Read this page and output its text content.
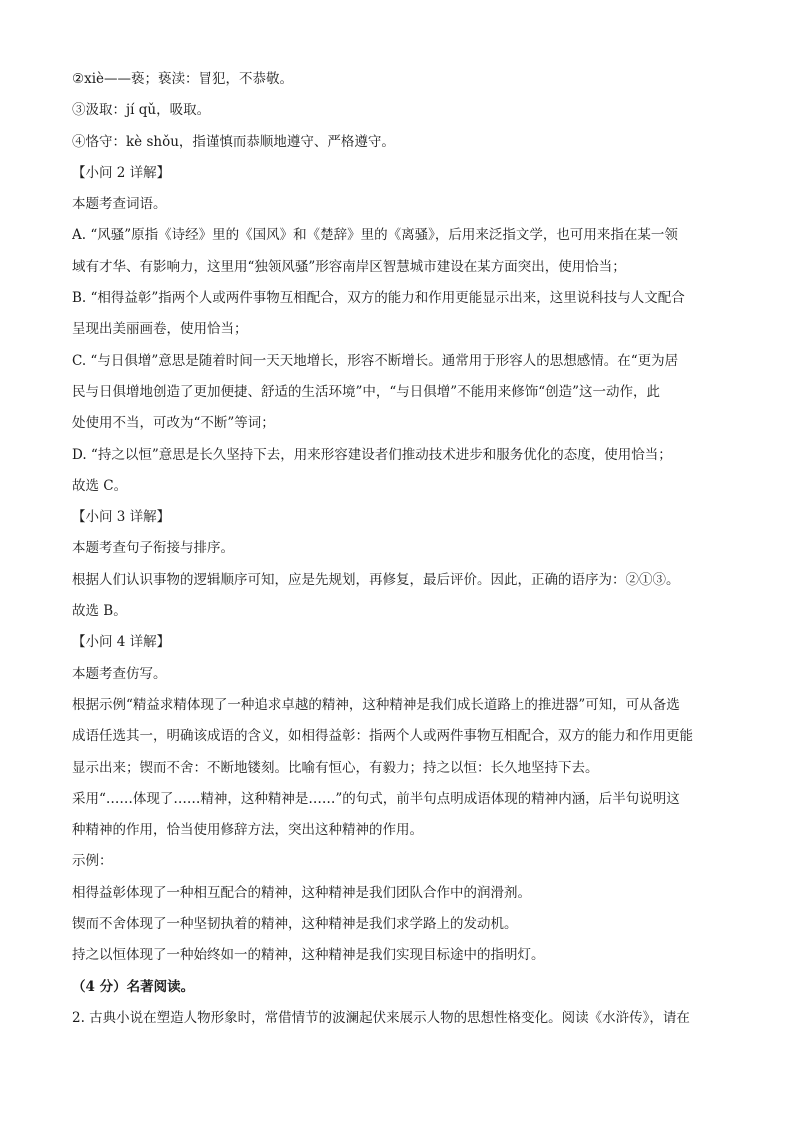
②xiè——亵；亵渎：冒犯，不恭敬。
③汲取：jí qǔ，吸取。
④恪守：kè shǒu，指谨慎而恭顺地遵守、严格遵守。
【小问 2 详解】
本题考查词语。
A. “风骚”原指《诗经》里的《国风》和《楚辞》里的《离骚》，后用来泛指文学，也可用来指在某一领
域有才华、有影响力，这里用“独领风骚”形容南岸区智慧城市建设在某方面突出，使用恰当；
B. “相得益彰”指两个人或两件事物互相配合，双方的能力和作用更能显示出来，这里说科技与人文配合
呈现出美丽画卷，使用恰当；
C. “与日俱增”意思是随着时间一天天地增长，形容不断增长。通常用于形容人的思想感情。在“更为居
民与日俱增地创造了更加便捷、舒适的生活环境”中，“与日俱增”不能用来修饰“创造”这一动作，此
处使用不当，可改为“不断”等词；
D. “持之以恒”意思是长久坚持下去，用来形容建设者们推动技术进步和服务优化的态度，使用恰当；
故选 C。
【小问 3 详解】
本题考查句子衔接与排序。
根据人们认识事物的逻辑顺序可知，应是先规划，再修复，最后评价。因此，正确的语序为：②①③。
故选 B。
【小问 4 详解】
本题考查仿写。
根据示例“精益求精体现了一种追求卓越的精神，这种精神是我们成长道路上的推进器”可知，可从备选
成语任选其一，明确该成语的含义，如相得益彰：指两个人或两件事物互相配合，双方的能力和作用更能
显示出来；锲而不舍：不断地镂刻。比喻有恒心，有毅力；持之以恒：长久地坚持下去。
采用“……体现了……精神，这种精神是……”的句式，前半句点明成语体现的精神内涵，后半句说明这
种精神的作用，恰当使用修辞方法，突出这种精神的作用。
示例：
相得益彰体现了一种相互配合的精神，这种精神是我们团队合作中的润滑剂。
锲而不舍体现了一种坚韧执着的精神，这种精神是我们求学路上的发动机。
持之以恒体现了一种始终如一的精神，这种精神是我们实现目标途中的指明灯。
（4 分）名著阅读。
2. 古典小说在塑造人物形象时，常借情节的波澜起伏来展示人物的思想性格变化。阅读《水浒传》，请在
